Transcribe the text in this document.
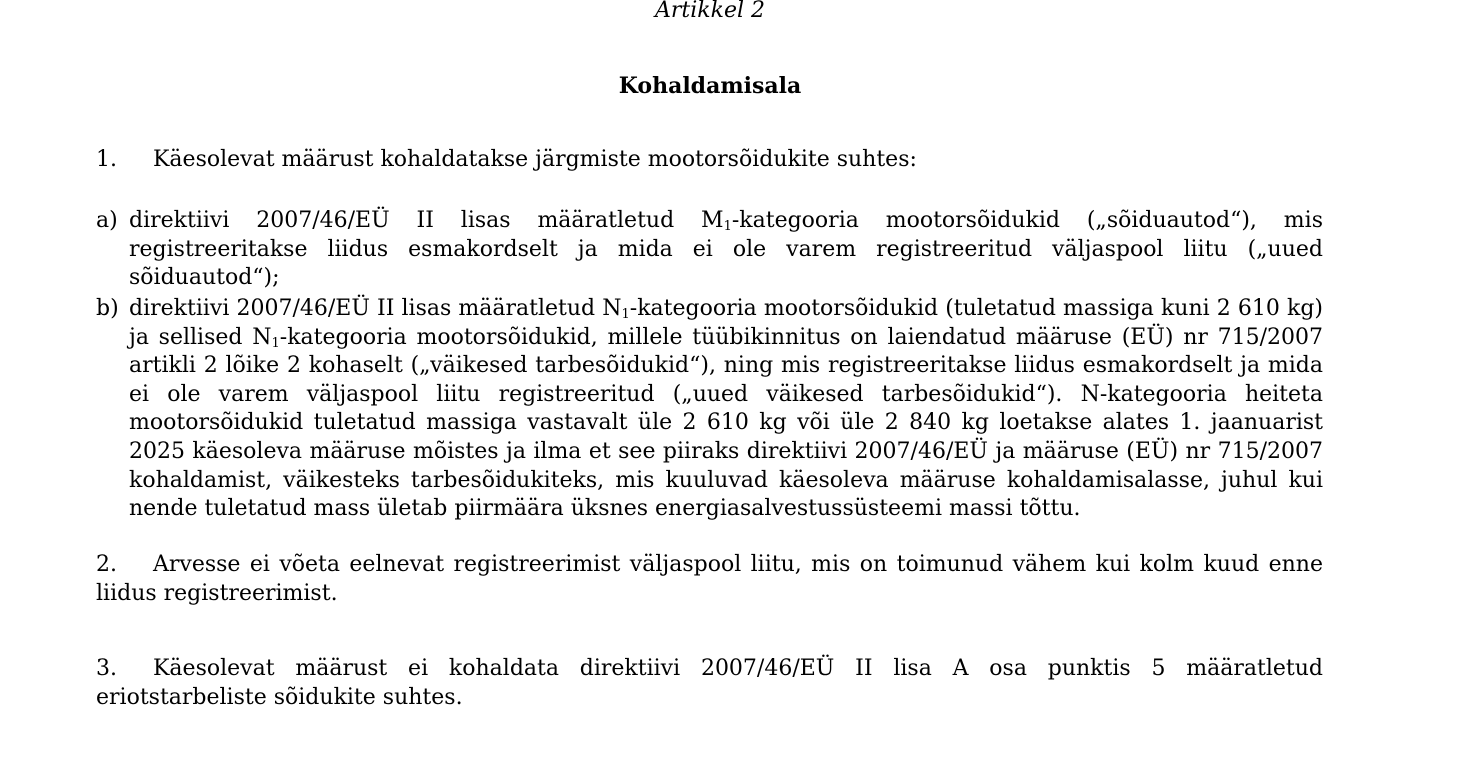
Artikkel 2
Kohaldamisala
1. Käesolevat määrust kohaldatakse järgmiste mootorsõidukite suhtes:
a) direktiivi 2007/46/EÜ II lisas määratletud $M_1$-kategooria mootorsõidukid („sõiduautod“), mis registreeritakse liidus esmakordselt ja mida ei ole varem registreeritud väljaspool liitu („uued sõiduautod“);
b) direktiivi 2007/46/EÜ II lisas määratletud $N_1$-kategooria mootorsõidukid (tuletatud massiga kuni 2 610 kg) ja sellised $N_1$-kategooria mootorsõidukid, millele tüübikinnitus on laiendatud määruse (EÜ) nr 715/2007 artikli 2 lõike 2 kohaselt („väikesed tarbesõidukid“), ning mis registreeritakse liidus esmakordselt ja mida ei ole varem väljaspool liitu registreeritud („uued väikesed tarbesõidukid“). N-kategooria heiteta mootorsõidukid tuletatud massiga vastavalt üle 2 610 kg või üle 2 840 kg loetakse alates 1. jaanuarist 2025 käesoleva määruse mõistes ja ilma et see piiraks direktiivi 2007/46/EÜ ja määruse (EÜ) nr 715/2007 kohaldamist, väikesteks tarbesõidukiteks, mis kuuluvad käesoleva määruse kohaldamisalasse, juhul kui nende tuletatud mass ületab piirmäära üksnes energiasalvestussüsteemi massi tõttu.
2. Arvesse ei võeta eelnevat registreerimist väljaspool liitu, mis on toimunud vähem kui kolm kuud enne liidus registreerimist.
3. Käesolevat määrust ei kohaldata direktiivi 2007/46/EÜ II lisa A osa punktis 5 määratletud eriotstarbeliste sõidukite suhtes.
